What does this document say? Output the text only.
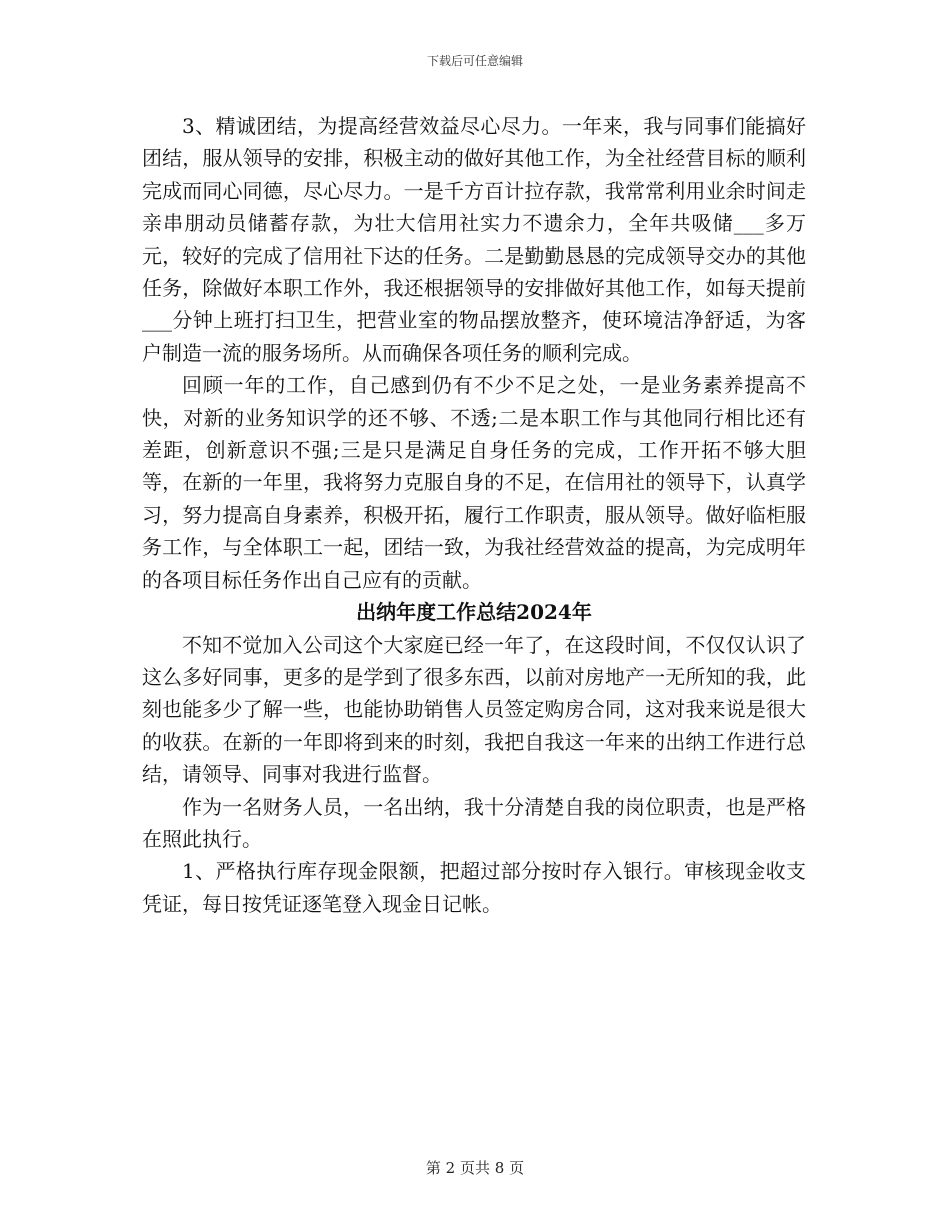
下载后可任意编辑

3、精诚团结，为提高经营效益尽心尽力。一年来，我与同事们能搞好团结，服从领导的安排，积极主动的做好其他工作，为全社经营目标的顺利完成而同心同德，尽心尽力。一是千方百计拉存款，我常常利用业余时间走亲串朋动员储蓄存款，为壮大信用社实力不遗余力，全年共吸储___多万元，较好的完成了信用社下达的任务。二是勤勤恳恳的完成领导交办的其他任务，除做好本职工作外，我还根据领导的安排做好其他工作，如每天提前___分钟上班打扫卫生，把营业室的物品摆放整齐，使环境洁净舒适，为客户制造一流的服务场所。从而确保各项任务的顺利完成。

回顾一年的工作，自己感到仍有不少不足之处，一是业务素养提高不快，对新的业务知识学的还不够、不透;二是本职工作与其他同行相比还有差距，创新意识不强;三是只是满足自身任务的完成，工作开拓不够大胆等，在新的一年里，我将努力克服自身的不足，在信用社的领导下，认真学习，努力提高自身素养，积极开拓，履行工作职责，服从领导。做好临柜服务工作，与全体职工一起，团结一致，为我社经营效益的提高，为完成明年的各项目标任务作出自己应有的贡献。

出纳年度工作总结2024年

不知不觉加入公司这个大家庭已经一年了，在这段时间，不仅仅认识了这么多好同事，更多的是学到了很多东西，以前对房地产一无所知的我，此刻也能多少了解一些，也能协助销售人员签定购房合同，这对我来说是很大的收获。在新的一年即将到来的时刻，我把自我这一年来的出纳工作进行总结，请领导、同事对我进行监督。

作为一名财务人员，一名出纳，我十分清楚自我的岗位职责，也是严格在照此执行。

1、严格执行库存现金限额，把超过部分按时存入银行。审核现金收支凭证，每日按凭证逐笔登入现金日记帐。

第 2 页共 8 页
